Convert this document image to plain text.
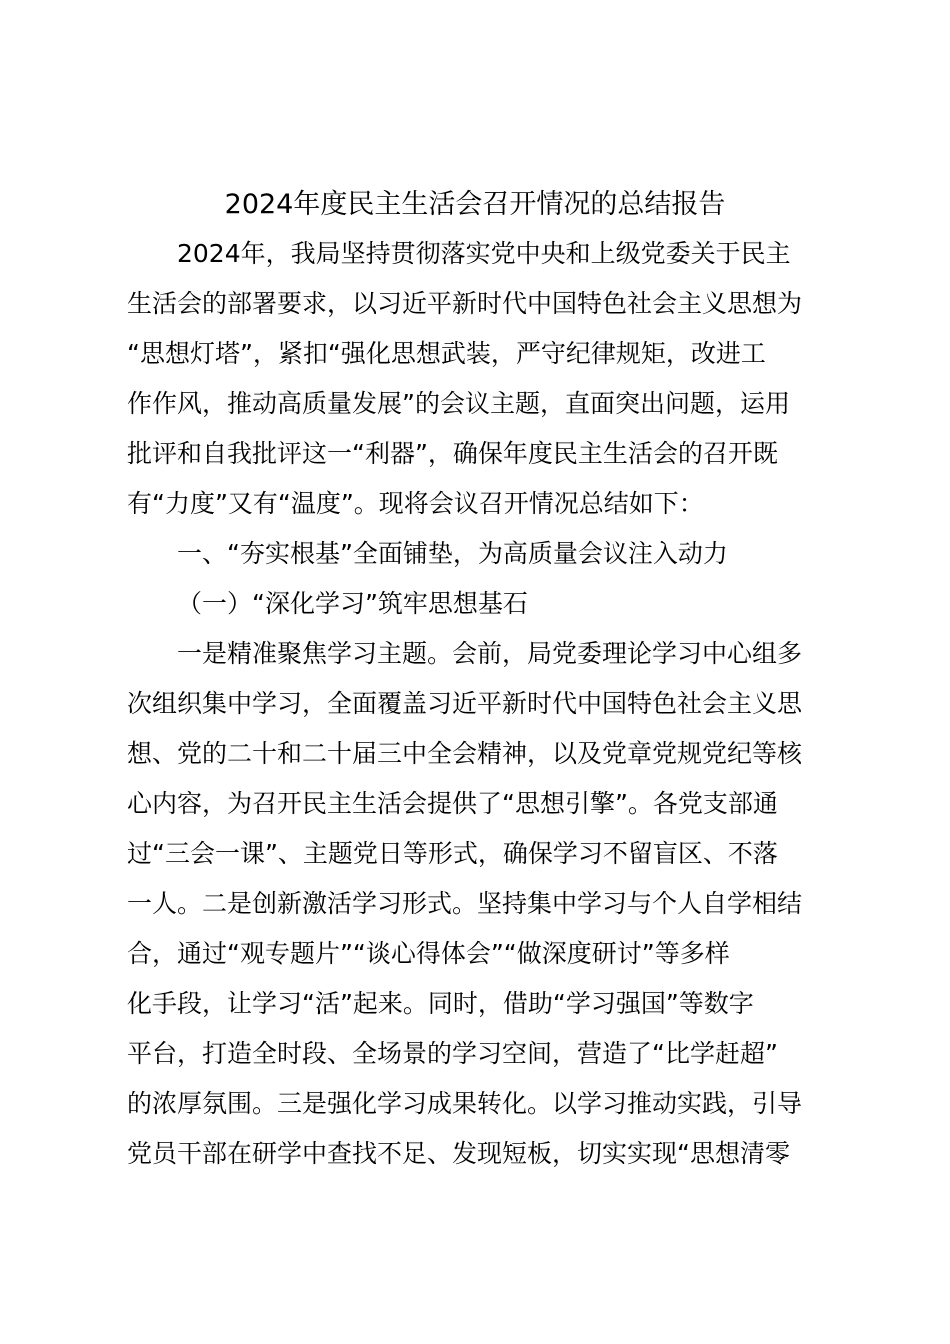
2024年度民主生活会召开情况的总结报告
2024年，我局坚持贯彻落实党中央和上级党委关于民主
生活会的部署要求，以习近平新时代中国特色社会主义思想为
“思想灯塔”，紧扣“强化思想武装，严守纪律规矩，改进工
作作风，推动高质量发展”的会议主题，直面突出问题，运用
批评和自我批评这一“利器”，确保年度民主生活会的召开既
有“力度”又有“温度”。现将会议召开情况总结如下：
一、“夯实根基”全面铺垫，为高质量会议注入动力
（一）“深化学习”筑牢思想基石
一是精准聚焦学习主题。会前，局党委理论学习中心组多
次组织集中学习，全面覆盖习近平新时代中国特色社会主义思
想、党的二十和二十届三中全会精神，以及党章党规党纪等核
心内容，为召开民主生活会提供了“思想引擎”。各党支部通
过“三会一课”、主题党日等形式，确保学习不留盲区、不落
一人。二是创新激活学习形式。坚持集中学习与个人自学相结
合，通过“观专题片”“谈心得体会”“做深度研讨”等多样
化手段，让学习“活”起来。同时，借助“学习强国”等数字
平台，打造全时段、全场景的学习空间，营造了“比学赶超”
的浓厚氛围。三是强化学习成果转化。以学习推动实践，引导
党员干部在研学中查找不足、发现短板，切实实现“思想清零
